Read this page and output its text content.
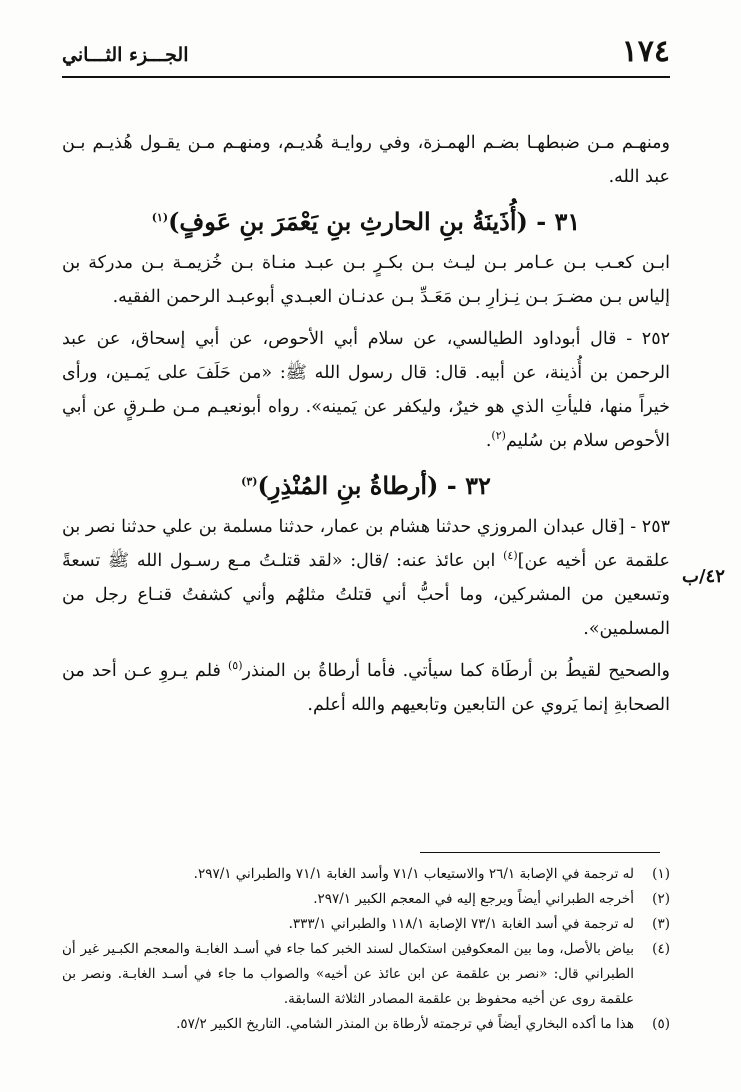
١٧٤
الجـــزء الثـــاني
٤٢/ب

ومنهـم مـن ضبطهـا بضـم الهمـزة، وفي روايـة هُديـم، ومنهـم مـن يقـول هُذيـم بـن عبد الله.

٣١ - (أُذَينَةُ بنِ الحارثِ بنِ يَعْمَرَ بنِ عَوفٍ)$^{(١)}$

ابـن كعـب بـن عـامر بـن ليـث بـن بكـرٍ بـن عبـد منـاة بـن خُزيمـة بـن مدركة بن إلياس بـن مضـرَ بـن نِـزارِ بـن مَعَـدِّ بـن عدنـان العبـدي أبوعبـد الرحمن الفقيه.

٢٥٢ - قال أبوداود الطيالسي، عن سلام أبي الأحوص، عن أبي إسحاق، عن عبد الرحمن بن أُذينة، عن أبيه. قال: قال رسول الله ﷺ: «من حَلَفَ على يَمـين، ورأى خيراً منها، فليأتِ الذي هو خيرٌ، وليكفر عن يَمينه». رواه أبونعيـم مـن طـرقٍ عن أبي الأحوص سلام بن سُليم$^{(٢)}$.

٣٢ - (أرطاةُ بنِ المُنْذِرِ)$^{(٣)}$

٢٥٣ - [قال عبدان المروزي حدثنا هشام بن عمار، حدثنا مسلمة بن علي حدثنا نصر بن علقمة عن أخيه عن]$^{(٤)}$ ابن عائذ عنه: /قال: «لقد قتلـتُ مـع رسـول الله ﷺ تسعةً وتسعين من المشركين، وما أحبُّ أني قتلتُ مثلهُم وأني كشفتُ قنـاع رجل من المسلمين».

والصحيح لقيطُ بن أرطَاة كما سيأتي. فأما أرطاةُ بن المنذر$^{(٥)}$ فلم يـروِ عـن أحد من الصحابةِ إنما يَروي عن التابعين وتابعيهم والله أعلم.

(١)
له ترجمة في الإصابة ٢٦/١ والاستيعاب ٧١/١ وأسد الغابة ٧١/١ والطبراني ٢٩٧/١.
(٢)
أخرجه الطبراني أيضاً ويرجع إليه في المعجم الكبير ٢٩٧/١.
(٣)
له ترجمة في أسد الغابة ٧٣/١ الإصابة ١١٨/١ والطبراني ٣٣٣/١.
(٤)
بياض بالأصل، وما بين المعكوفين استكمال لسند الخبر كما جاء في أسـد الغابـة والمعجم الكبـير غير أن الطبراني قال: «نصر بن علقمة عن ابن عائذ عن أخيه» والصواب ما جاء في أسـد الغابـة. ونصر بن علقمة روى عن أخيه محفوظ بن علقمة المصادر الثلاثة السابقة.
(٥)
هذا ما أكده البخاري أيضاً في ترجمته لأرطاة بن المنذر الشامي. التاريخ الكبير ٥٧/٢.
